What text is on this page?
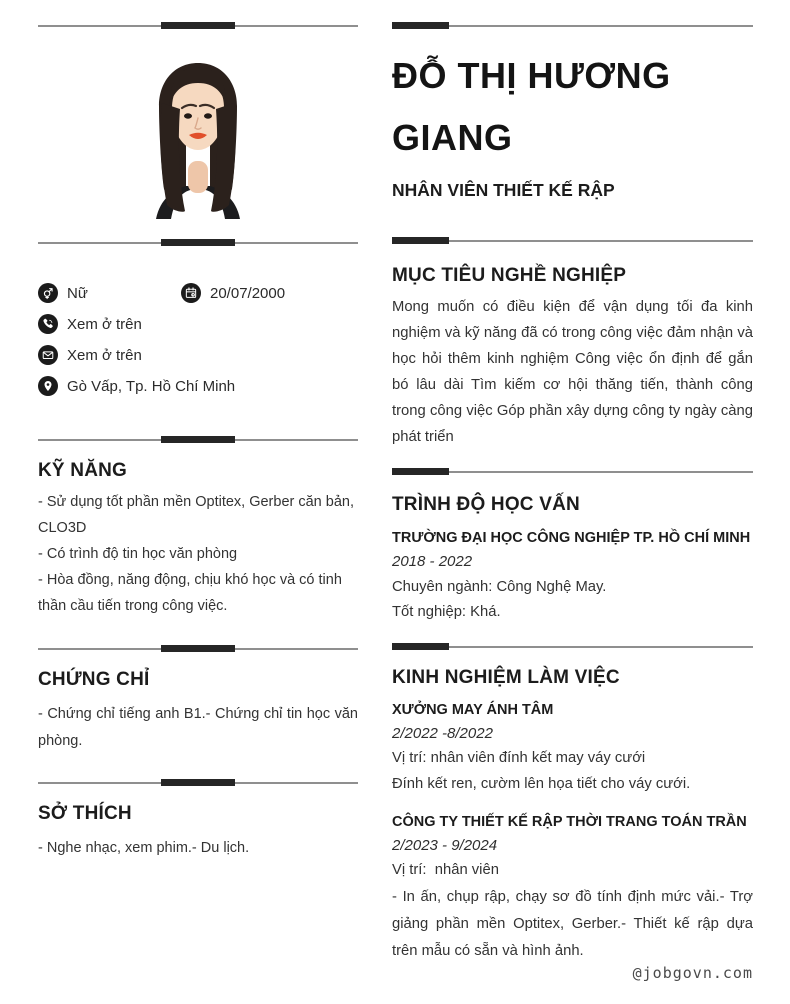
Nữ	20/07/2000
Xem ở trên
Xem ở trên
Gò Vấp, Tp. Hồ Chí Minh
KỸ NĂNG
- Sử dụng tốt phần mền Optitex, Gerber căn bản, CLO3D
- Có trình độ tin học văn phòng
- Hòa đồng, năng động, chịu khó học và có tinh thần cầu tiến trong công việc.
CHỨNG CHỈ
- Chứng chỉ tiếng anh B1.- Chứng chỉ tin học văn phòng.
SỞ THÍCH
- Nghe nhạc, xem phim.- Du lịch.
ĐỖ THỊ HƯƠNG GIANG
NHÂN VIÊN THIẾT KẾ RẬP
MỤC TIÊU NGHỀ NGHIỆP

Mong muốn có điều kiện để vận dụng tối đa kinh nghiệm và kỹ năng đã có trong công việc đảm nhận và học hỏi thêm kinh nghiệm Công việc ổn định để gắn bó lâu dài Tìm kiếm cơ hội thăng tiến, thành công trong công việc Góp phần xây dựng công ty ngày càng phát triển

TRÌNH ĐỘ HỌC VẤN
TRƯỜNG ĐẠI HỌC CÔNG NGHIỆP TP. HỒ CHÍ MINH
2018 - 2022
Chuyên ngành: Công Nghệ May.
Tốt nghiệp: Khá.
KINH NGHIỆM LÀM VIỆC
XƯỞNG MAY ÁNH TÂM
2/2022 -8/2022
Vị trí: nhân viên đính kết may váy cưới
Đính kết ren, cườm lên họa tiết cho váy cưới.
CÔNG TY THIẾT KẾ RẬP THỜI TRANG TOÁN TRẦN
2/2023 - 9/2024
Vị trí:  nhân viên
- In ấn, chụp rập, chạy sơ đồ tính định mức vải.- Trợ giảng phần mền Optitex, Gerber.- Thiết kế rập dựa trên mẫu có sẵn và hình ảnh.
@jobgovn.com
